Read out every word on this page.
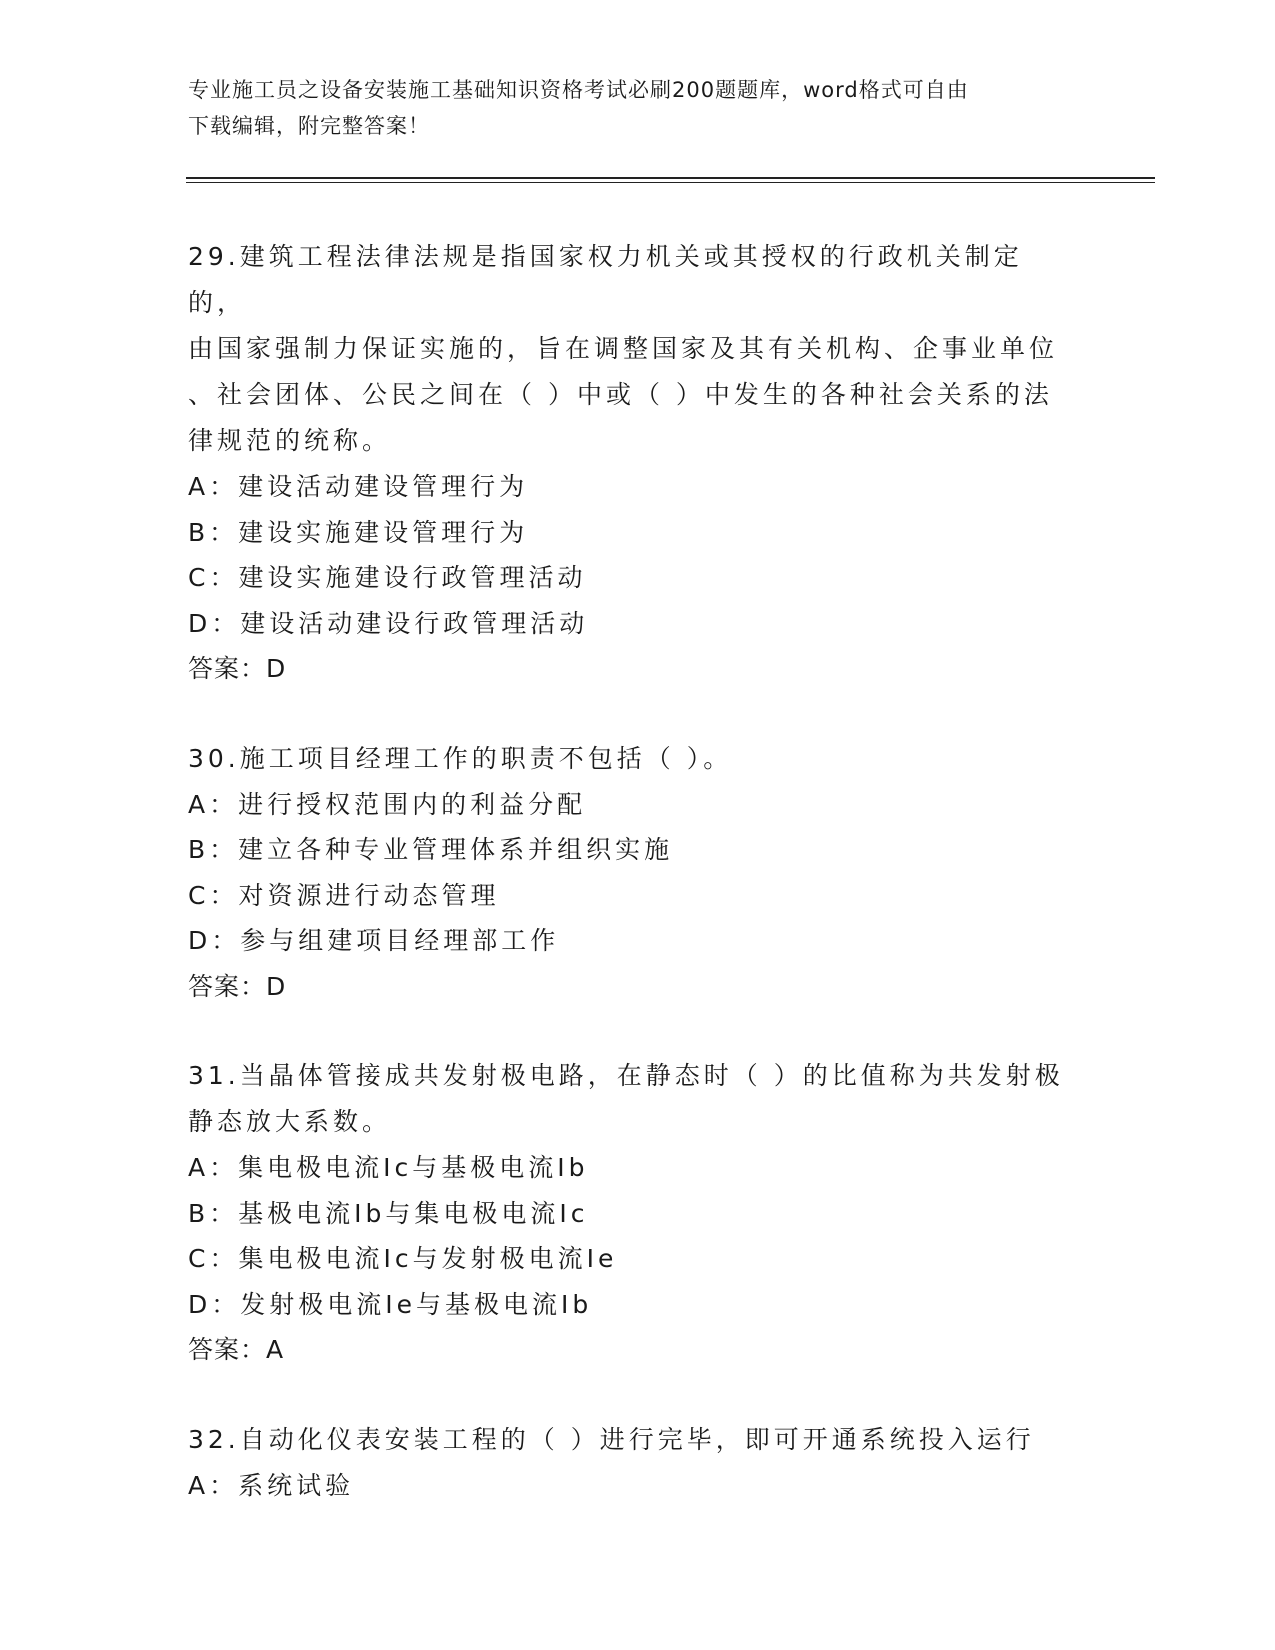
专业施工员之设备安装施工基础知识资格考试必刷200题题库，word格式可自由
下载编辑，附完整答案！

29.建筑工程法律法规是指国家权力机关或其授权的行政机关制定的，

由国家强制力保证实施的，旨在调整国家及其有关机构、企事业单位

、社会团体、公民之间在（ ）中或（ ）中发生的各种社会关系的法

律规范的统称。

A：建设活动建设管理行为

B：建设实施建设管理行为

C：建设实施建设行政管理活动

D：建设活动建设行政管理活动

答案：D

30.施工项目经理工作的职责不包括（ ）。

A：进行授权范围内的利益分配

B：建立各种专业管理体系并组织实施

C：对资源进行动态管理

D：参与组建项目经理部工作

答案：D

31.当晶体管接成共发射极电路，在静态时（ ）的比值称为共发射极

静态放大系数。

A：集电极电流Ic与基极电流Ib

B：基极电流Ib与集电极电流Ic

C：集电极电流Ic与发射极电流Ie

D：发射极电流Ie与基极电流Ib

答案：A

32.自动化仪表安装工程的（ ）进行完毕，即可开通系统投入运行

A：系统试验
